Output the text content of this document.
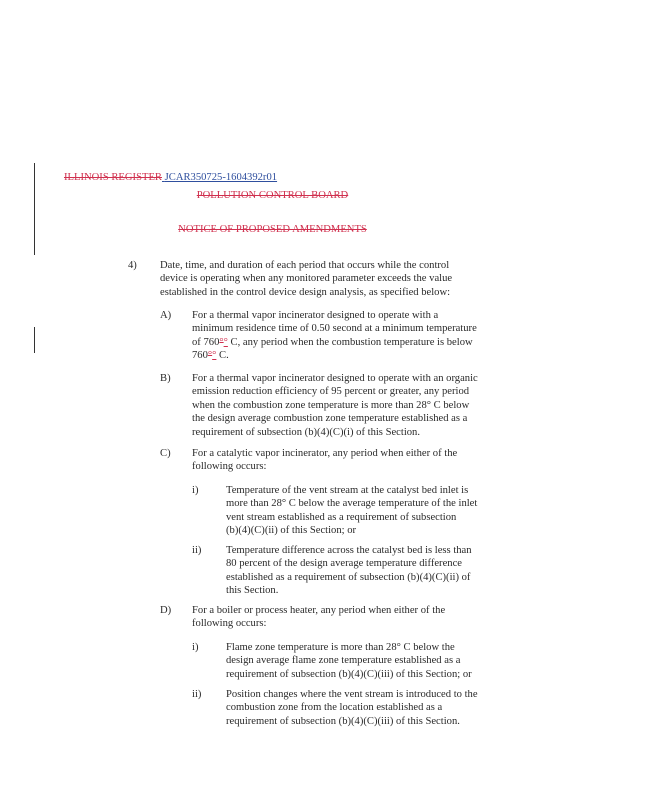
ILLINOIS REGISTER JCAR350725-1604392r01
POLLUTION CONTROL BOARD
NOTICE OF PROPOSED AMENDMENTS
4) Date, time, and duration of each period that occurs while the control
device is operating when any monitored parameter exceeds the value
established in the control device design analysis, as specified below:
A) For a thermal vapor incinerator designed to operate with a
minimum residence time of 0.50 second at a minimum temperature
of 760°° C, any period when the combustion temperature is below
760°° C.
B) For a thermal vapor incinerator designed to operate with an organic
emission reduction efficiency of 95 percent or greater, any period
when the combustion zone temperature is more than 28° C below
the design average combustion zone temperature established as a
requirement of subsection (b)(4)(C)(i) of this Section.
C) For a catalytic vapor incinerator, any period when either of the
following occurs:
i)	Temperature of the vent stream at the catalyst bed inlet is
more than 28° C below the average temperature of the inlet
vent stream established as a requirement of subsection
(b)(4)(C)(ii) of this Section; or
ii) Temperature difference across the catalyst bed is less than
80 percent of the design average temperature difference
established as a requirement of subsection (b)(4)(C)(ii) of
this Section.
D) For a boiler or process heater, any period when either of the
following occurs:
i)	Flame zone temperature is more than 28° C below the
design average flame zone temperature established as a
requirement of subsection (b)(4)(C)(iii) of this Section; or
ii) Position changes where the vent stream is introduced to the
combustion zone from the location established as a
requirement of subsection (b)(4)(C)(iii) of this Section.
